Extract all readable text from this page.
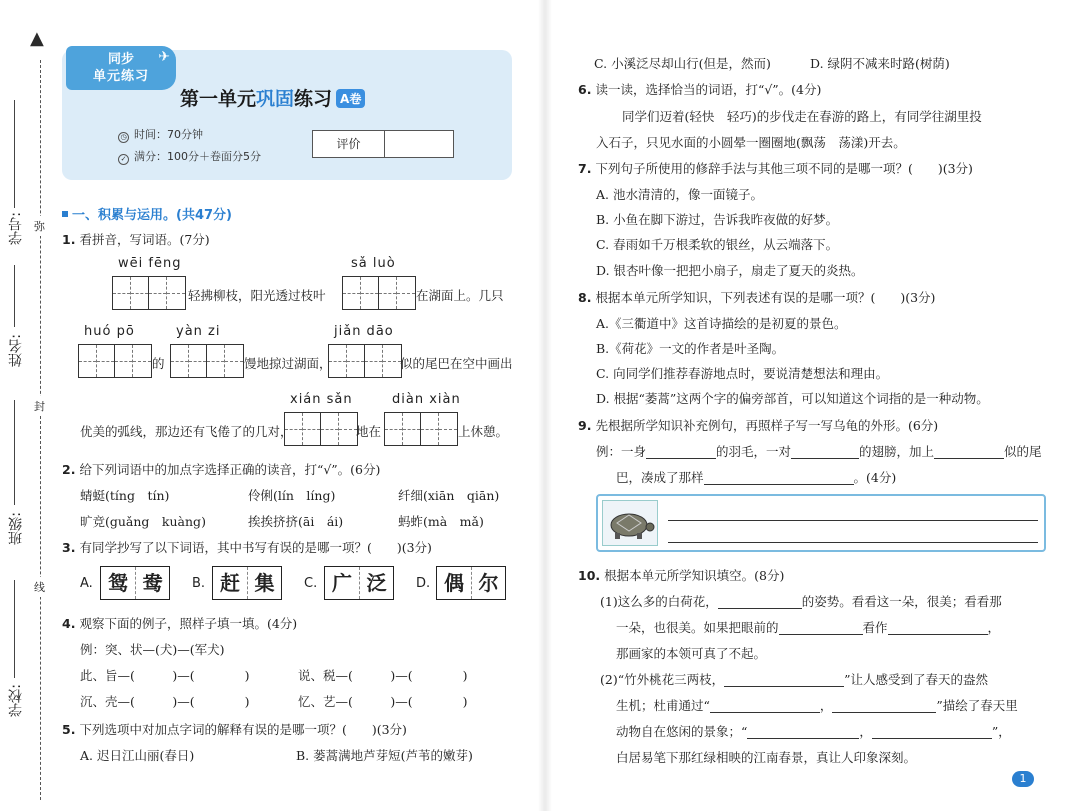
▲
弥
封
线
学号:
姓名:
班级:
学校:
同步
单元练习
✈
第一单元巩固练习 A卷
◷ 时间：70分钟
✓ 满分：100分＋卷面分5分
评价
一、积累与运用。(共47分)
1. 看拼音，写词语。(7分)
wēi fēng
轻拂柳枝，阳光透过枝叶
sǎ luò
在湖面上。几只
huó pō
的
yàn zi
馒地掠过湖面，
jiǎn dāo
似的尾巴在空中画出
xián sǎn
优美的弧线，那边还有飞倦了的几对，	地在
diàn xiàn
上休憩。
2. 给下列词语中的加点字选择正确的读音，打“√”。(6分)
蜻蜓(tíng　tín)	伶俐(lín　líng)	纤细(xiān　qiān)
旷竞(guǎng　kuàng)	挨挨挤挤(āi　ái)	蚂蚱(mà　mǎ)
3. 有同学抄写了以下词语，其中书写有误的是哪一项？(　　)(3分)
A. 鸳 鸯	B. 赶 集	C. 广 泛	D. 偶 尔
4. 观察下面的例子，照样子填一填。(4分)
例：突、状—(犬)—(军犬)
此、旨—(　　　)—(　　　　)	说、税—(　　　)—(　　　　)
沉、壳—(　　　)—(　　　　)	忆、艺—(　　　)—(　　　　)
5. 下列选项中对加点字词的解释有误的是哪一项？(　　)(3分)
A. 迟日江山丽(春日)	B. 蒌蒿满地芦芽短(芦苇的嫩芽)
C. 小溪泛尽却山行(但是，然而)	D. 绿阴不减来时路(树荫)
6. 读一读，选择恰当的词语，打“√”。(4分)
同学们迈着(轻快　轻巧)的步伐走在春游的路上，有同学往湖里投
入石子，只见水面的小圆晕一圈圈地(飘荡　荡漾)开去。
7. 下列句子所使用的修辞手法与其他三项不同的是哪一项？(　　)(3分)
A. 池水清清的，像一面镜子。
B. 小鱼在脚下游过，告诉我昨夜做的好梦。
C. 春雨如千万根柔软的银丝，从云端落下。
D. 银杏叶像一把把小扇子，扇走了夏天的炎热。
8. 根据本单元所学知识，下列表述有误的是哪一项？(　　)(3分)
A.《三衢道中》这首诗描绘的是初夏的景色。
B.《荷花》一文的作者是叶圣陶。
C. 向同学们推荐春游地点时，要说清楚想法和理由。
D. 根据“萎蒿”这两个字的偏旁部首，可以知道这个词指的是一种动物。
9. 先根据所学知识补充例句，再照样子写一写乌龟的外形。(6分)
例：一身	的羽毛，一对	的翅膀，加上	似的尾
巴，凑成了那样	。(4分)
10. 根据本单元所学知识填空。(8分)
(1)这么多的白荷花，	的姿势。看看这一朵，很美；看看那
一朵，也很美。如果把眼前的	看作	，
那画家的本领可真了不起。
(2)“竹外桃花三两枝，	”让人感受到了春天的盎然
生机；杜甫通过“	，	”描绘了春天里
动物自在悠闲的景象；“	，	”，
白居易笔下那红绿相映的江南春景，真让人印象深刻。
1
